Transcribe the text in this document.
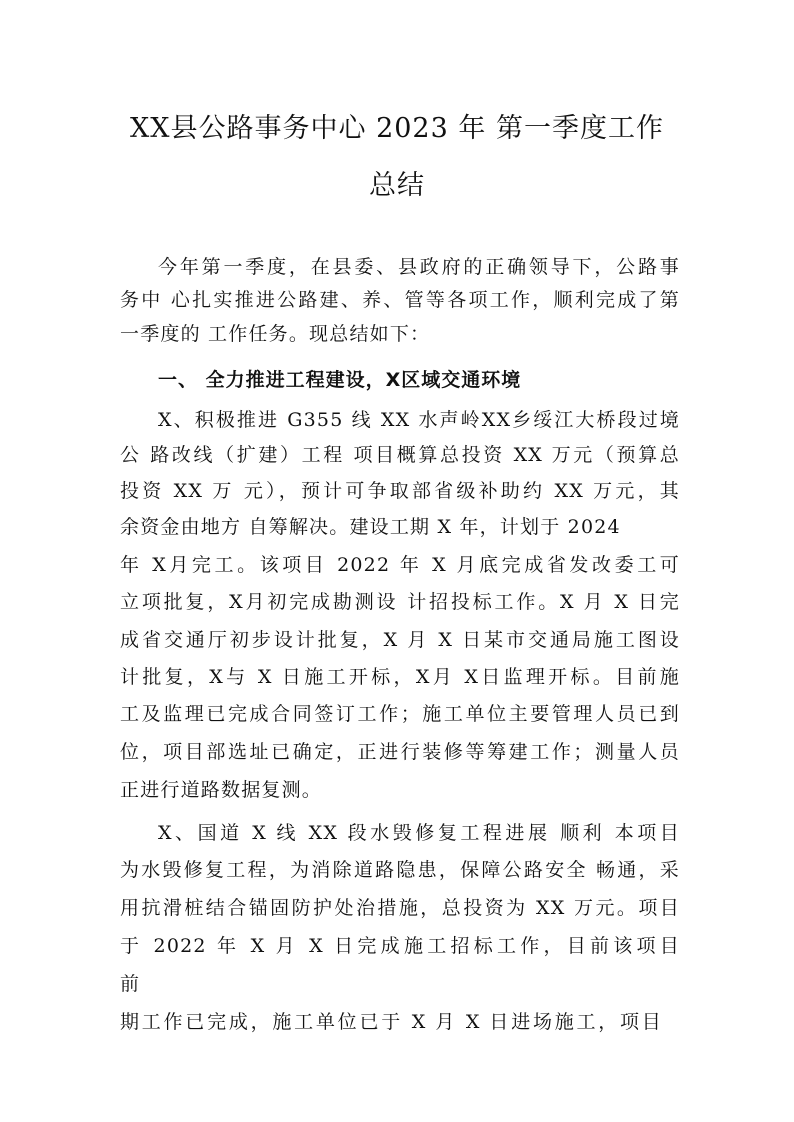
XX县公路事务中心 2023 年 第一季度工作
总结
今年第一季度，在县委、县政府的正确领导下，公路事
务中 心扎实推进公路建、养、管等各项工作，顺利完成了第
一季度的 工作任务。现总结如下：
一、 全力推进工程建设，X区域交通环境
X、积极推进 G355 线 XX 水声岭XX乡绥江大桥段过境
公 路改线（扩建）工程 项目概算总投资 XX 万元（预算总
投资 XX 万 元），预计可争取部省级补助约 XX 万元，其
余资金由地方 自筹解决。建设工期 X 年，计划于 2024
年 X月完工。该项目 2022 年 X 月底完成省发改委工可
立项批复，X月初完成勘测设 计招投标工作。X 月 X 日完
成省交通厅初步设计批复，X 月 X 日某市交通局施工图设
计批复，X与 X 日施工开标，X月 X日监理开标。目前施
工及监理已完成合同签订工作；施工单位主要管理人员已到
位，项目部选址已确定，正进行装修等筹建工作；测量人员
正进行道路数据复测。
X、国道 X 线 XX 段水毁修复工程进展 顺利 本项目
为水毁修复工程，为消除道路隐患，保障公路安全 畅通，采
用抗滑桩结合锚固防护处治措施，总投资为 XX 万元。项目
于 2022 年 X 月 X 日完成施工招标工作，目前该项目
前
期工作已完成，施工单位已于 X 月 X 日进场施工，项目
